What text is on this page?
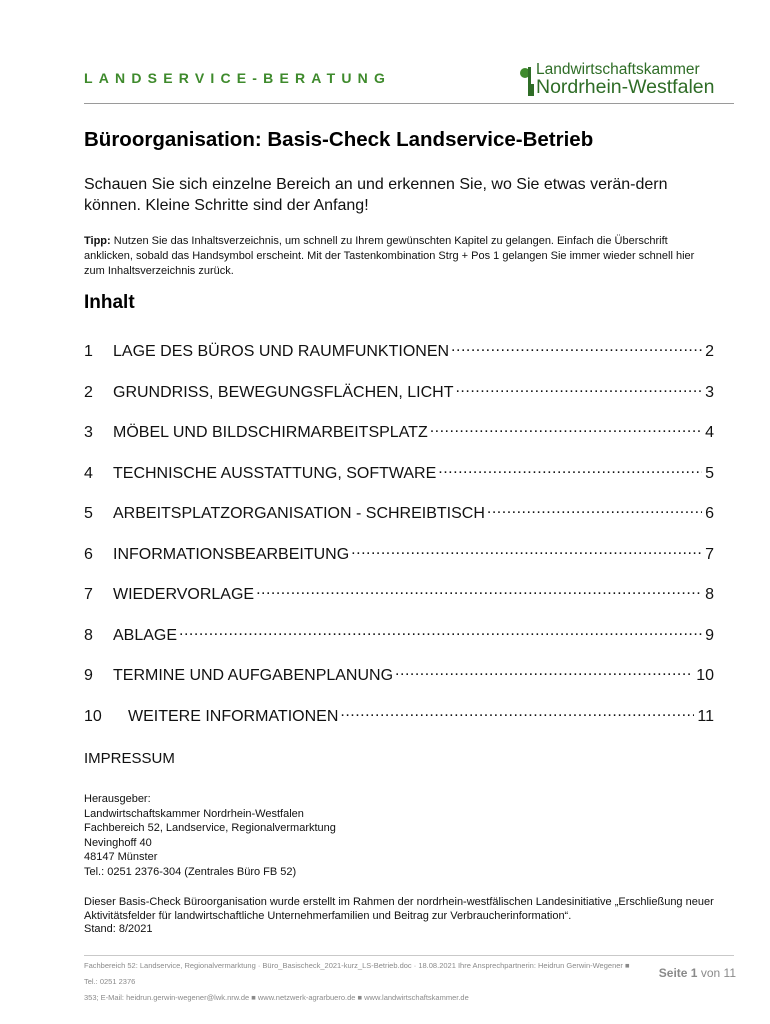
LANDSERVICE-BERATUNG	Landwirtschaftskammer
Nordrhein-Westfalen
Büroorganisation: Basis-Check Landservice-Betrieb

Schauen Sie sich einzelne Bereich an und erkennen Sie, wo Sie etwas verän-dern können. Kleine Schritte sind der Anfang!

Tipp: Nutzen Sie das Inhaltsverzeichnis, um schnell zu Ihrem gewünschten Kapitel zu gelangen. Einfach die Überschrift anklicken, sobald das Handsymbol erscheint. Mit der Tastenkombination Strg + Pos 1 gelangen Sie immer wieder schnell hier zum Inhaltsverzeichnis zurück.

Inhalt
1	LAGE DES BÜROS UND RAUMFUNKTIONEN .....	2
2	GRUNDRISS, BEWEGUNGSFLÄCHEN, LICHT .....	3
3	MÖBEL UND BILDSCHIRMARBEITSPLATZ .....	4
4	TECHNISCHE AUSSTATTUNG, SOFTWARE .....	5
5	ARBEITSPLATZORGANISATION - SCHREIBTISCH .....	6
6	INFORMATIONSBEARBEITUNG .....	7
7	WIEDERVORLAGE .....	8
8	ABLAGE .....	9
9	TERMINE UND AUFGABENPLANUNG .....	10
10	WEITERE INFORMATIONEN .....	11
IMPRESSUM
Herausgeber:
Landwirtschaftskammer Nordrhein-Westfalen
Fachbereich 52, Landservice, Regionalvermarktung
Nevinghoff 40
48147 Münster
Tel.: 0251 2376-304 (Zentrales Büro FB 52)

Dieser Basis-Check Büroorganisation wurde erstellt im Rahmen der nordrhein-westfälischen Landesinitiative „Erschließung neuer Aktivitätsfelder für landwirtschaftliche Unternehmerfamilien und Beitrag zur Verbraucherinformation“.
Stand: 8/2021

Fachbereich 52: Landservice, Regionalvermarktung · Büro_Basischeck_2021-kurz_LS-Betrieb.doc · 18.08.2021 Ihre Ansprechpartnerin: Heidrun Gerwin-Wegener ■ Tel.: 0251 2376
353; E-Mail: heidrun.gerwin-wegener@lwk.nrw.de ■ www.netzwerk-agrarbuero.de ■ www.landwirtschaftskammer.de
Seite 1 von 11
